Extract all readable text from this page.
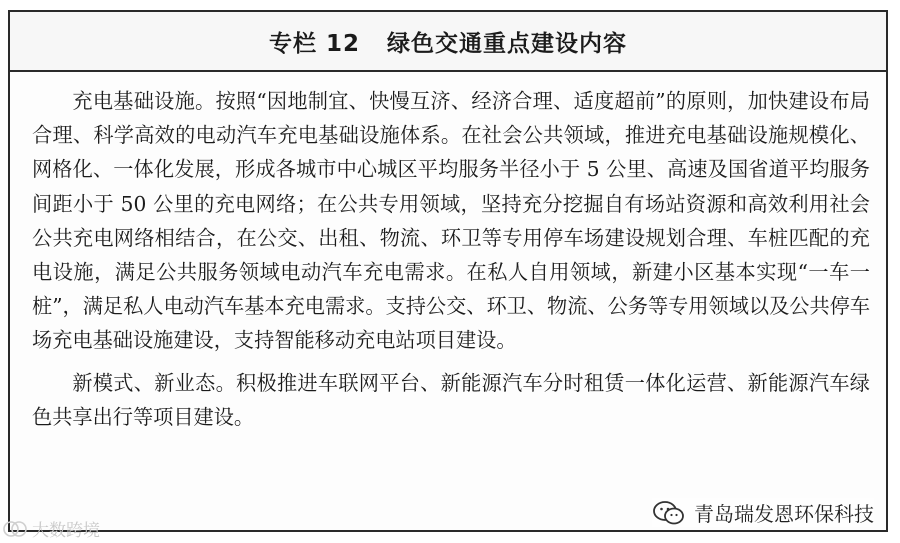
专栏 12   绿色交通重点建设内容

充电基础设施。按照“因地制宜、快慢互济、经济合理、适度超前”的原则，加快建设布局合理、科学高效的电动汽车充电基础设施体系。在社会公共领域，推进充电基础设施规模化、网格化、一体化发展，形成各城市中心城区平均服务半径小于 5 公里、高速及国省道平均服务间距小于 50 公里的充电网络；在公共专用领域，坚持充分挖掘自有场站资源和高效利用社会公共充电网络相结合，在公交、出租、物流、环卫等专用停车场建设规划合理、车桩匹配的充电设施，满足公共服务领域电动汽车充电需求。在私人自用领域，新建小区基本实现“一车一桩”，满足私人电动汽车基本充电需求。支持公交、环卫、物流、公务等专用领域以及公共停车场充电基础设施建设，支持智能移动充电站项目建设。

新模式、新业态。积极推进车联网平台、新能源汽车分时租赁一体化运营、新能源汽车绿色共享出行等项目建设。

青岛瑞发恩环保科技
大数跨境
